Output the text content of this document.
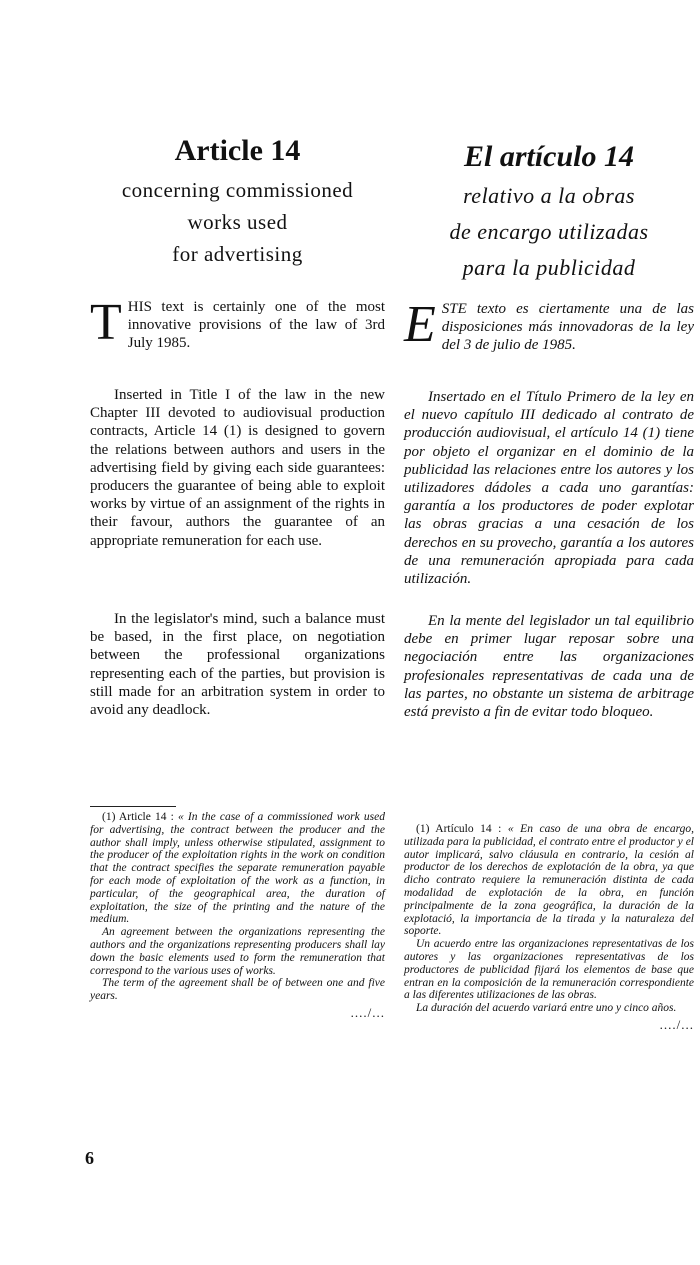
Article 14

concerning commissioned

works used

for advertising

T HIS text is certainly one of the most innovative provisions of the law of 3rd July 1985.

Inserted in Title I of the law in the new Chapter III devoted to audiovisual production contracts, Article 14 (1) is designed to govern the relations between authors and users in the advertising field by giving each side guarantees: producers the guarantee of being able to exploit works by virtue of an assignment of the rights in their favour, authors the guarantee of an appropriate remuneration for each use.

In the legislator's mind, such a balance must be based, in the first place, on negotiation between the professional organizations representing each of the parties, but provision is still made for an arbitration system in order to avoid any deadlock.

(1) Article 14 : « In the case of a commissioned work used for advertising, the contract between the producer and the author shall imply, unless otherwise stipulated, assignment to the producer of the exploitation rights in the work on condition that the contract specifies the separate remuneration payable for each mode of exploitation of the work as a function, in particular, of the geographical area, the duration of exploitation, the size of the printing and the nature of the medium.

An agreement between the organizations representing the authors and the organizations representing producers shall lay down the basic elements used to form the remuneration that correspond to the various uses of works.

The term of the agreement shall be of between one and five years.

..../...

El artículo 14

relativo a la obras

de encargo utilizadas

para la publicidad

E STE texto es ciertamente una de las disposiciones más innovadoras de la ley del 3 de julio de 1985.

Insertado en el Título Primero de la ley en el nuevo capítulo III dedicado al contrato de producción audiovisual, el artículo 14 (1) tiene por objeto el organizar en el dominio de la publicidad las relaciones entre los autores y los utilizadores dádoles a cada uno garantías: garantía a los productores de poder explotar las obras gracias a una cesación de los derechos en su provecho, garantía a los autores de una remuneración apropiada para cada utilización.

En la mente del legislador un tal equilibrio debe en primer lugar reposar sobre una negociación entre las organizaciones profesionales representativas de cada una de las partes, no obstante un sistema de arbitrage está previsto a fin de evitar todo bloqueo.

(1) Artículo 14 : « En caso de una obra de encargo, utilizada para la publicidad, el contrato entre el productor y el autor implicará, salvo cláusula en contrario, la cesión al productor de los derechos de explotación de la obra, ya que dicho contrato requiere la remuneración distinta de cada modalidad de explotación de la obra, en función principalmente de la zona geográfica, la duración de la explotació, la importancia de la tirada y la naturaleza del soporte.

Un acuerdo entre las organizaciones representativas de los autores y las organizaciones representativas de los productores de publicidad fijará los elementos de base que entran en la composición de la remuneración correspondiente a las diferentes utilizaciones de las obras.

La duración del acuerdo variará entre uno y cinco años.

..../...

6
